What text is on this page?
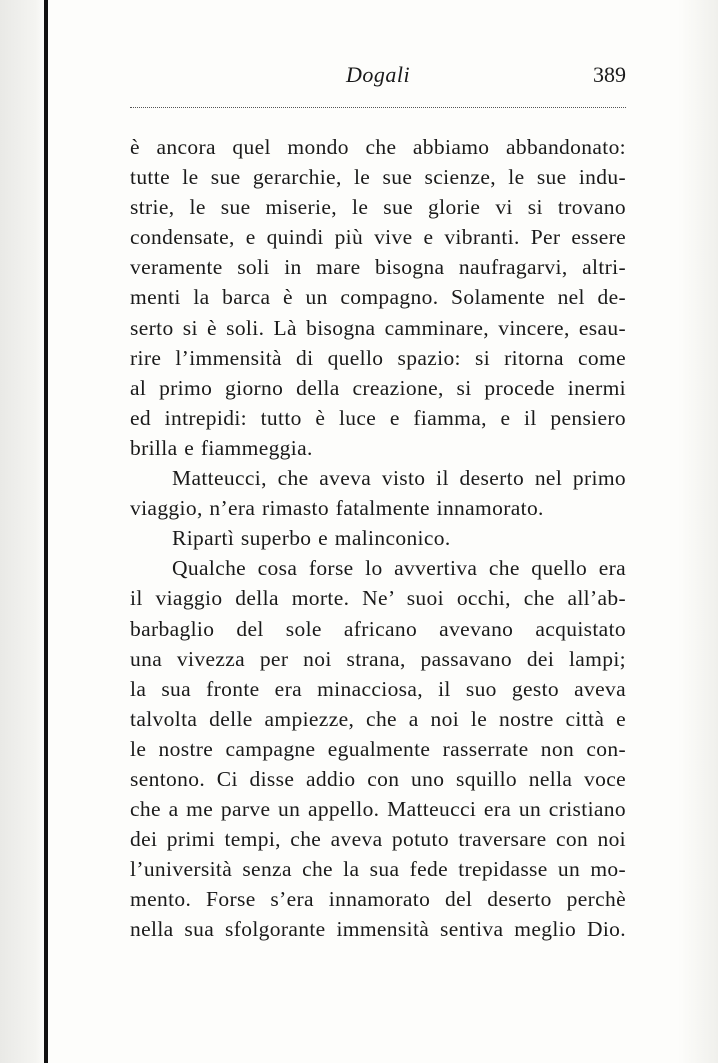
Dogali	389
è ancora quel mondo che abbiamo abbandonato:
tutte le sue gerarchie, le sue scienze, le sue indu-
strie, le sue miserie, le sue glorie vi si trovano
condensate, e quindi più vive e vibranti. Per essere
veramente soli in mare bisogna naufragarvi, altri-
menti la barca è un compagno. Solamente nel de-
serto si è soli. Là bisogna camminare, vincere, esau-
rire l’immensità di quello spazio: si ritorna come
al primo giorno della creazione, si procede inermi
ed intrepidi: tutto è luce e fiamma, e il pensiero
brilla e fiammeggia.
Matteucci, che aveva visto il deserto nel primo
viaggio, n’era rimasto fatalmente innamorato.
Ripartì superbo e malinconico.
Qualche cosa forse lo avvertiva che quello era
il viaggio della morte. Ne’ suoi occhi, che all’ab-
barbaglio del sole africano avevano acquistato
una vivezza per noi strana, passavano dei lampi;
la sua fronte era minacciosa, il suo gesto aveva
talvolta delle ampiezze, che a noi le nostre città e
le nostre campagne egualmente rasserrate non con-
sentono. Ci disse addio con uno squillo nella voce
che a me parve un appello. Matteucci era un cristiano
dei primi tempi, che aveva potuto traversare con noi
l’università senza che la sua fede trepidasse un mo-
mento. Forse s’era innamorato del deserto perchè
nella sua sfolgorante immensità sentiva meglio Dio.
